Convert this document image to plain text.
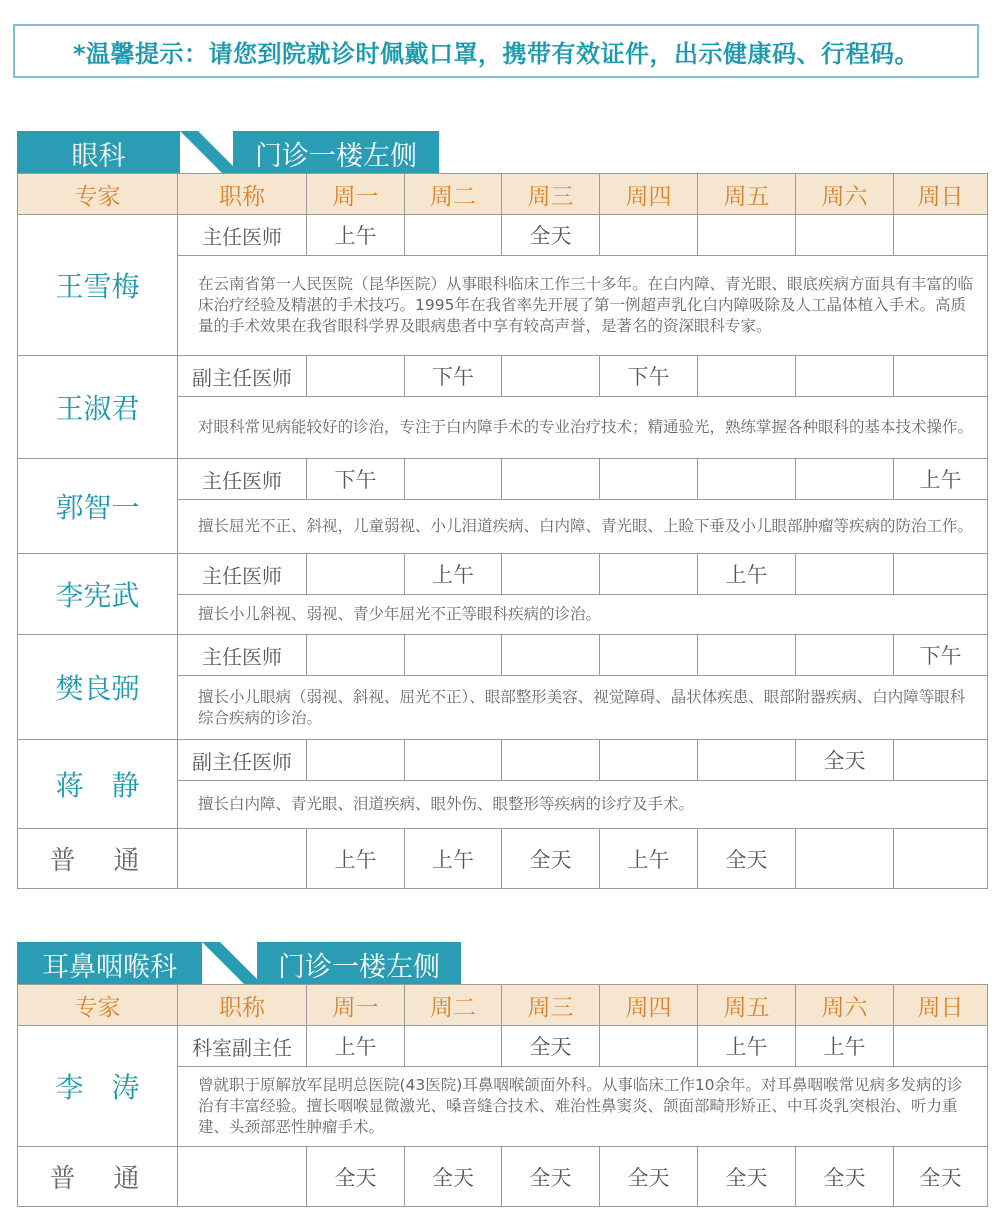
*温馨提示：请您到院就诊时佩戴口罩，携带有效证件，出示健康码、行程码。
眼科	门诊一楼左侧
专家	职称	周一	周二	周三	周四	周五	周六	周日
王雪梅	主任医师	上午		全天				
	在云南省第一人民医院（昆华医院）从事眼科临床工作三十多年。在白内障、青光眼、眼底疾病方面具有丰富的临床治疗经验及精湛的手术技巧。1995年在我省率先开展了第一例超声乳化白内障吸除及人工晶体植入手术。高质量的手术效果在我省眼科学界及眼病患者中享有较高声誉，是著名的资深眼科专家。							
王淑君	副主任医师		下午		下午			
	对眼科常见病能较好的诊治，专注于白内障手术的专业治疗技术；精通验光，熟练掌握各种眼科的基本技术操作。							
郭智一	主任医师	下午						上午
	擅长屈光不正、斜视，儿童弱视、小儿泪道疾病、白内障、青光眼、上睑下垂及小儿眼部肿瘤等疾病的防治工作。							
李宪武	主任医师		上午			上午		
	擅长小儿斜视、弱视、青少年屈光不正等眼科疾病的诊治。							
樊良弼	主任医师							下午
	擅长小儿眼病（弱视、斜视、屈光不正）、眼部整形美容、视觉障碍、晶状体疾患、眼部附器疾病、白内障等眼科综合疾病的诊治。							
蒋　静	副主任医师						全天	
	擅长白内障、青光眼、泪道疾病、眼外伤、眼整形等疾病的诊疗及手术。							
普　通		上午	上午	全天	上午	全天		
耳鼻咽喉科	门诊一楼左侧
专家	职称	周一	周二	周三	周四	周五	周六	周日
李　涛	科室副主任	上午		全天		上午	上午	
	曾就职于原解放军昆明总医院(43医院)耳鼻咽喉颌面外科。从事临床工作10余年。对耳鼻咽喉常见病多发病的诊治有丰富经验。擅长咽喉显微激光、嗓音缝合技术、难治性鼻窦炎、颌面部畸形矫正、中耳炎乳突根治、听力重建、头颈部恶性肿瘤手术。							
普　通		全天	全天	全天	全天	全天	全天	全天
